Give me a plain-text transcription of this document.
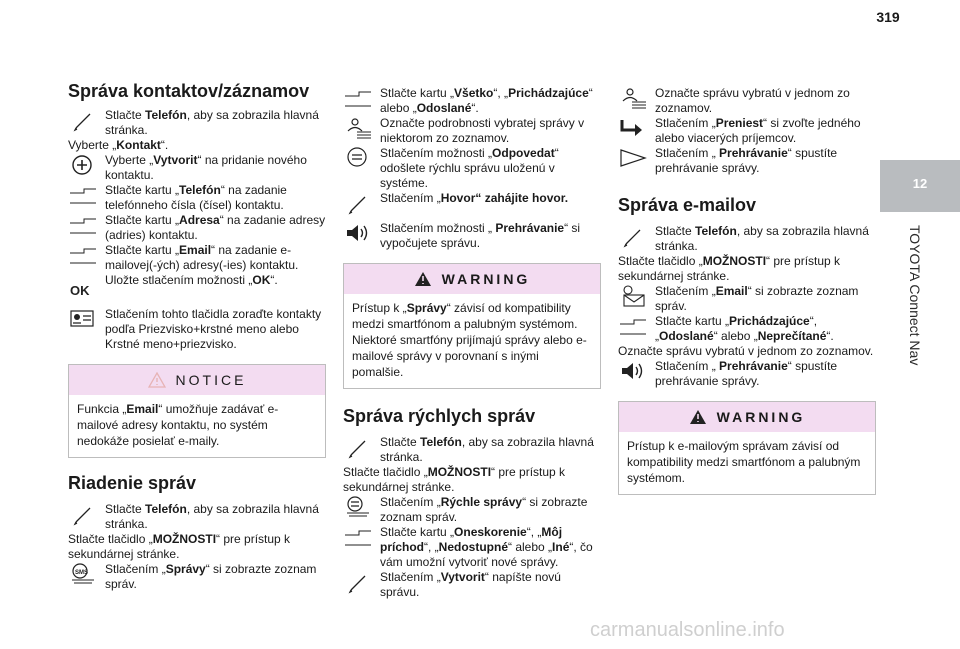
319
12
TOYOTA Connect Nav
Správa kontaktov/záznamov

Stlačte Telefón, aby sa zobrazila hlavná stránka.

Vyberte „Kontakt“.

Vyberte „Vytvorit“ na pridanie nového kontaktu.

Stlačte kartu „Telefón“ na zadanie telefónneho čísla (čísel) kontaktu.

Stlačte kartu „Adresa“ na zadanie adresy (adries) kontaktu.

Stlačte kartu „Email“ na zadanie e-mailovej(-ých) adresy(-ies) kontaktu.

OK
Uložte stlačením možnosti „OK“.

Stlačením tohto tlačidla zoraďte kontakty podľa Priezvisko+krstné meno alebo Krstné meno+priezvisko.

NOTICE
Funkcia „Email“ umožňuje zadávať e-mailové adresy kontaktu, no systém nedokáže posielať e-maily.
Riadenie správ

Stlačte Telefón, aby sa zobrazila hlavná stránka.

Stlačte tlačidlo „MOŽNOSTI“ pre prístup k sekundárnej stránke.

SMS Stlačením „Správy“ si zobrazte zoznam správ.

Stlačte kartu „Všetko“, „Prichádzajúce“ alebo „Odoslané“.

Označte podrobnosti vybratej správy v niektorom zo zoznamov.

Stlačením možnosti „Odpovedat“ odošlete rýchlu správu uloženú v systéme.

Stlačením „Hovor“ zahájite hovor.

Stlačením možnosti „ Prehrávanie“ si vypočujete správu.

WARNING
Prístup k „Správy“ závisí od kompatibility medzi smartfónom a palubným systémom. Niektoré smartfóny prijímajú správy alebo e-mailové správy v porovnaní s inými pomalšie.
Správa rýchlych správ

Stlačte Telefón, aby sa zobrazila hlavná stránka.

Stlačte tlačidlo „MOŽNOSTI“ pre prístup k sekundárnej stránke.

Stlačením „Rýchle správy“ si zobrazte zoznam správ.

Stlačte kartu „Oneskorenie“, „Môj príchod“, „Nedostupné“ alebo „Iné“, čo vám umožní vytvoriť nové správy.

Stlačením „Vytvorit“ napíšte novú správu.

Označte správu vybratú v jednom zo zoznamov.

Stlačením „Preniest“ si zvoľte jedného alebo viacerých príjemcov.

Stlačením „ Prehrávanie“ spustíte prehrávanie správy.

Správa e-mailov

Stlačte Telefón, aby sa zobrazila hlavná stránka.

Stlačte tlačidlo „MOŽNOSTI“ pre prístup k sekundárnej stránke.

Stlačením „Email“ si zobrazte zoznam správ.

Stlačte kartu „Prichádzajúce“, „Odoslané“ alebo „Neprečítané“.

Označte správu vybratú v jednom zo zoznamov.

Stlačením „ Prehrávanie“ spustíte prehrávanie správy.

WARNING
Prístup k e-mailovým správam závisí od kompatibility medzi smartfónom a palubným systémom.
carmanualsonline.info
